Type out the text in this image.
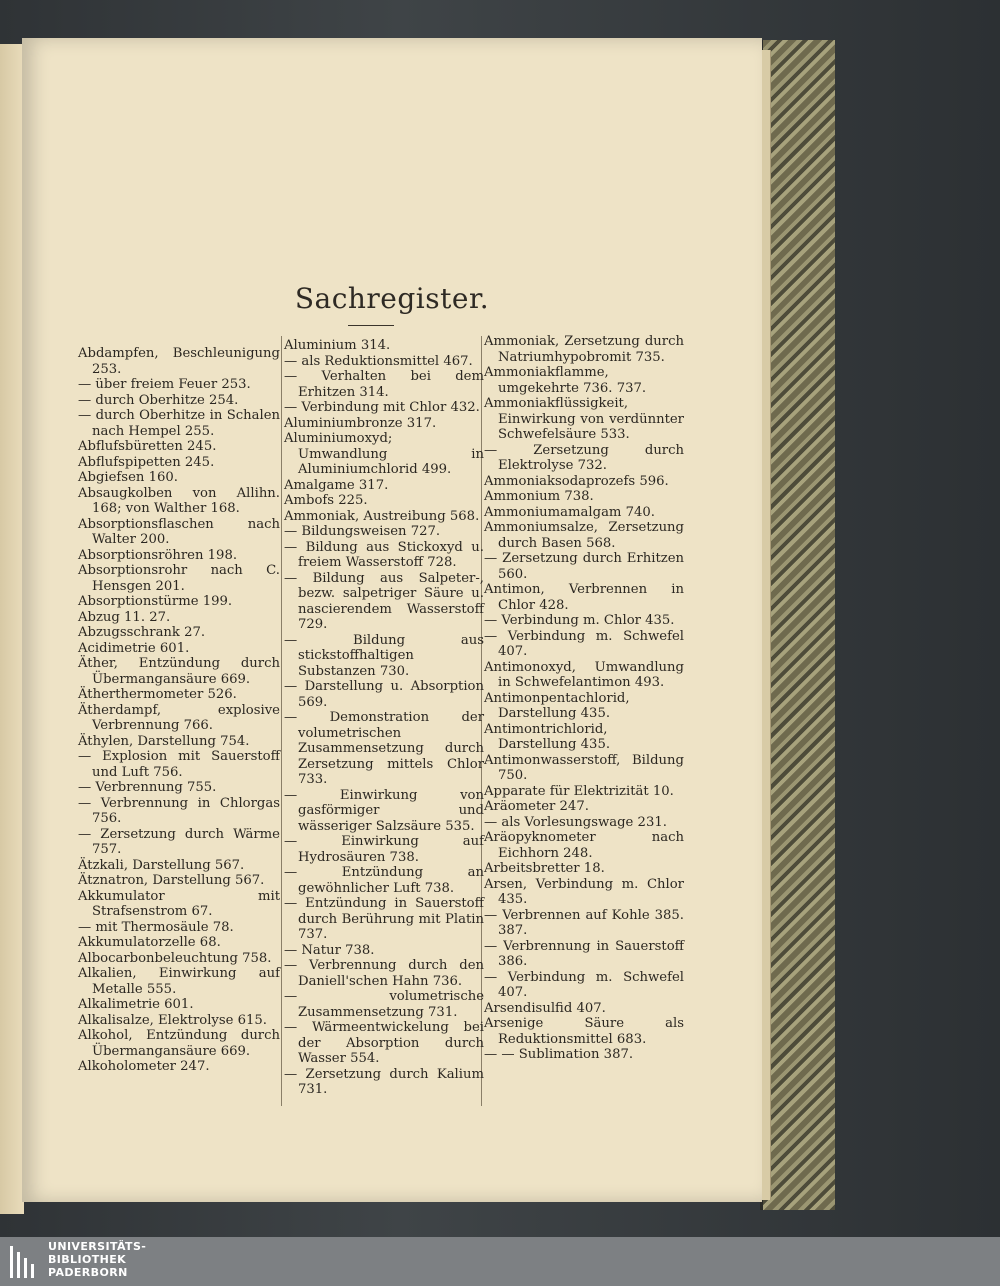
Sachregister.
Abdampfen, Beschleunigung 253.
— über freiem Feuer 253.
— durch Oberhitze 254.
— durch Oberhitze in Schalen nach Hempel 255.
Abflufsbüretten 245.
Abflufspipetten 245.
Abgiefsen 160.
Absaugkolben von Allihn. 168; von Walther 168.
Absorptionsflaschen nach Walter 200.
Absorptionsröhren 198.
Absorptionsrohr nach C. Hensgen 201.
Absorptionstürme 199.
Abzug 11. 27.
Abzugsschrank 27.
Acidimetrie 601.
Äther, Entzündung durch Übermangansäure 669.
Ätherthermometer 526.
Ätherdampf, explosive Verbrennung 766.
Äthylen, Darstellung 754.
— Explosion mit Sauerstoff und Luft 756.
— Verbrennung 755.
— Verbrennung in Chlorgas 756.
— Zersetzung durch Wärme 757.
Ätzkali, Darstellung 567.
Ätznatron, Darstellung 567.
Akkumulator mit Strafsenstrom 67.
— mit Thermosäule 78.
Akkumulatorzelle 68.
Albocarbonbeleuchtung 758.
Alkalien, Einwirkung auf Metalle 555.
Alkalimetrie 601.
Alkalisalze, Elektrolyse 615.
Alkohol, Entzündung durch Übermangansäure 669.
Alkoholometer 247.
Aluminium 314.
— als Reduktionsmittel 467.
— Verhalten bei dem Erhitzen 314.
— Verbindung mit Chlor 432.
Aluminiumbronze 317.
Aluminiumoxyd; Umwandlung in Aluminiumchlorid 499.
Amalgame 317.
Ambofs 225.
Ammoniak, Austreibung 568.
— Bildungsweisen 727.
— Bildung aus Stickoxyd u. freiem Wasserstoff 728.
— Bildung aus Salpeter-, bezw. salpetriger Säure u. nascierendem Wasserstoff 729.
— Bildung aus stickstoffhaltigen Substanzen 730.
— Darstellung u. Absorption 569.
— Demonstration der volumetrischen Zusammensetzung durch Zersetzung mittels Chlor 733.
— Einwirkung von gasförmiger und wässeriger Salzsäure 535.
— Einwirkung auf Hydrosäuren 738.
— Entzündung an gewöhnlicher Luft 738.
— Entzündung in Sauerstoff durch Berührung mit Platin 737.
— Natur 738.
— Verbrennung durch den Daniell'schen Hahn 736.
— volumetrische Zusammensetzung 731.
— Wärmeentwickelung bei der Absorption durch Wasser 554.
— Zersetzung durch Kalium 731.
Ammoniak, Zersetzung durch Natriumhypobromit 735.
Ammoniakflamme, umgekehrte 736. 737.
Ammoniakflüssigkeit, Einwirkung von verdünnter Schwefelsäure 533.
— Zersetzung durch Elektrolyse 732.
Ammoniaksodaprozefs 596.
Ammonium 738.
Ammoniumamalgam 740.
Ammoniumsalze, Zersetzung durch Basen 568.
— Zersetzung durch Erhitzen 560.
Antimon, Verbrennen in Chlor 428.
— Verbindung m. Chlor 435.
— Verbindung m. Schwefel 407.
Antimonoxyd, Umwandlung in Schwefelantimon 493.
Antimonpentachlorid, Darstellung 435.
Antimontrichlorid, Darstellung 435.
Antimonwasserstoff, Bildung 750.
Apparate für Elektrizität 10.
Aräometer 247.
— als Vorlesungswage 231.
Aräopyknometer nach Eichhorn 248.
Arbeitsbretter 18.
Arsen, Verbindung m. Chlor 435.
— Verbrennen auf Kohle 385. 387.
— Verbrennung in Sauerstoff 386.
— Verbindung m. Schwefel 407.
Arsendisulfid 407.
Arsenige Säure als Reduktionsmittel 683.
— — Sublimation 387.
UNIVERSITÄTS-
BIBLIOTHEK
PADERBORN
